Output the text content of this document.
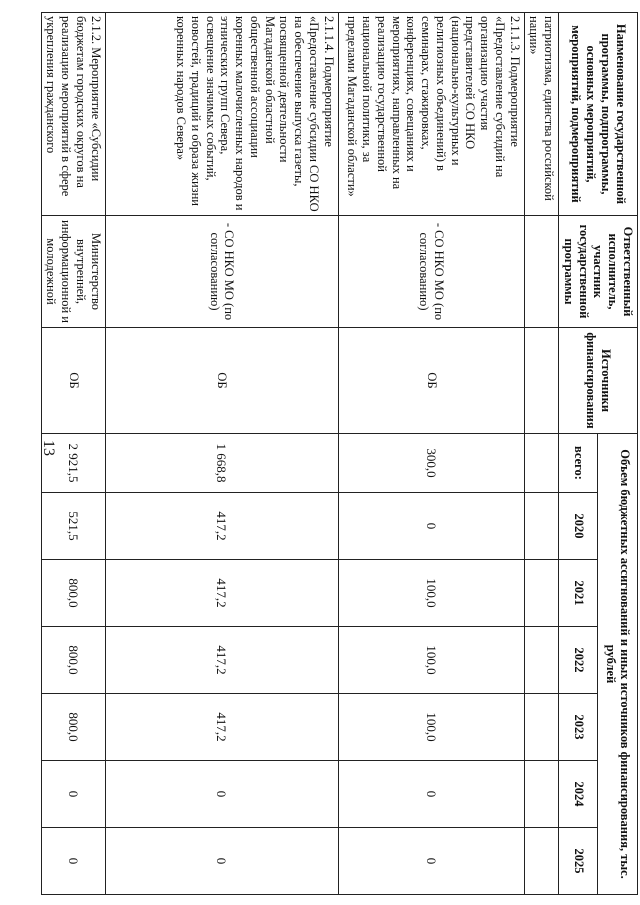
13
Наименование государственной программы, подпрограммы, основных мероприятий, мероприятий, подмероприятий	Ответственный исполнитель, участник государственной программы	Источники финансирования	Объем бюджетных ассигнований и иных источников финансирования, тыс. рублей						
			всего:	2020	2021	2022	2023	2024	2025
патриотизма, единства российской нации»									
2.1.1.3. Подмероприятие «Предоставление субсидий на организацию участия представителей СО НКО (национально-культурных и религиозных объединений) в семинарах, стажировках, конференциях, совещаниях и мероприятиях, направленных на реализацию государственной национальной политики, за пределами Магаданской области»	- СО НКО МО (по согласованию)	ОБ	300,0	0	100,0	100,0	100,0	0	0
2.1.1.4. Подмероприятие «Предоставление субсидии СО НКО на обеспечение выпуска газеты, посвященной деятельности Магаданской областной общественной ассоциации коренных малочисленных народов и этнических групп Севера, освещение значимых событий, новостей, традиций и образа жизни коренных народов Севера»	- СО НКО МО (по согласованию)	ОБ	1 668,8	417,2	417,2	417,2	417,2	0	0
2.1.2. Мероприятие «Субсидии бюджетам городских округов на реализацию мероприятий в сфере укрепления гражданского	Министерство внутренней, информационной и молодежной	ОБ	2 921,5	521,5	800,0	800,0	800,0	0	0
